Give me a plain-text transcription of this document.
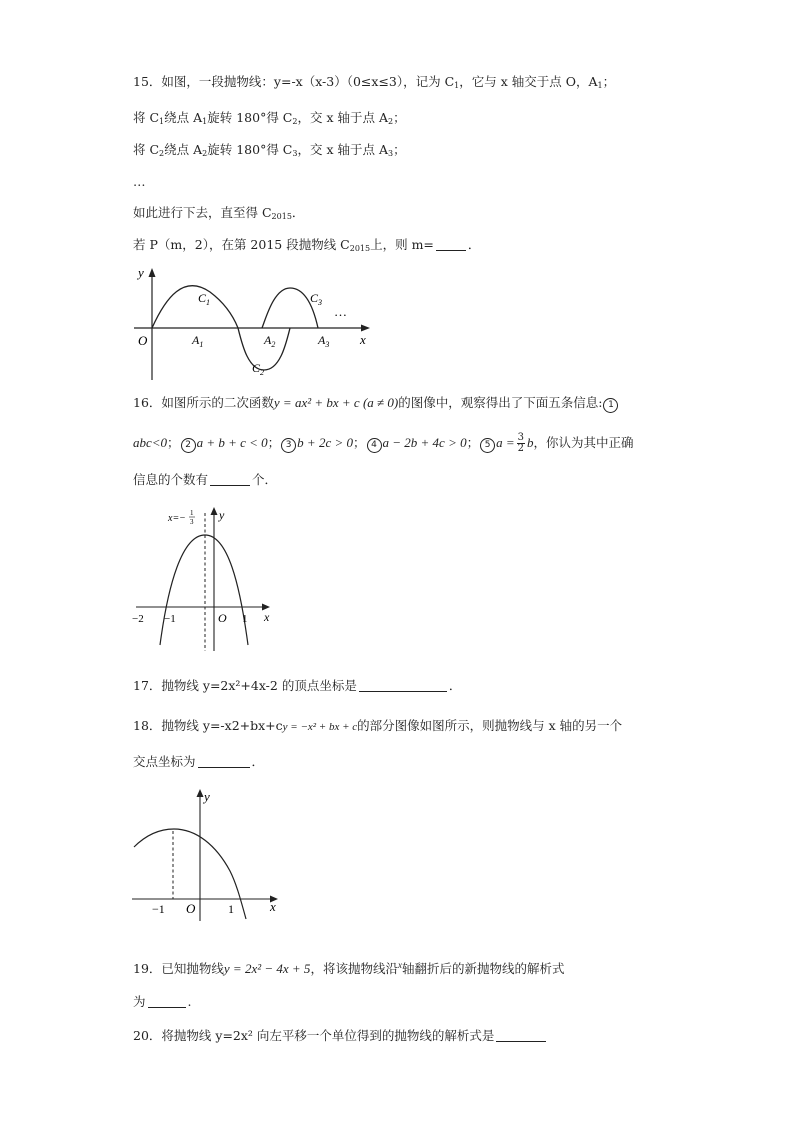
15．如图，一段抛物线：y=-x（x-3）（0≤x≤3），记为 $C_1$，它与 x 轴交于点 O，$A_1$；
将 $C_1$绕点 $A_1$旋转 180°得 $C_2$，交 x 轴于点 $A_2$；
将 $C_2$绕点 $A_2$旋转 180°得 $C_3$，交 x 轴于点 $A_3$；
…
如此进行下去，直至得 $C_{2015}$．
若 P（m，2），在第 2015 段抛物线 $C_{2015}$上，则 m=	．
y
x
O	$A_1$	$A_2$	$A_3$
$C_1$
$C_2$
$C_3$
…
16．如图所示的二次函数y = ax² + bx + c (a ≠ 0)的图像中，观察得出了下面五条信息: 1
abc<0； 2 a + b + c < 0； 3 b + 2c > 0； 4 a − 2b + 4c > 0； 5 $a = \frac{3}{2}$ b，你认为其中正确
信息的个数有	个．
x=− 1
3 y
x
O
−2 −1	1
17．抛物线 y=2x²+4x-2 的顶点坐标是	．
18．抛物线 y=-x2+bx+cy = −x² + bx + c的部分图像如图所示，则抛物线与 x 轴的另一个
交点坐标为	．
y
x
O
−1	1
19．已知抛物线y = 2x² − 4x + 5，将该抛物线沿$^x$轴翻折后的新抛物线的解析式
为	.
20．将抛物线 y=2x² 向左平移一个单位得到的抛物线的解析式是
